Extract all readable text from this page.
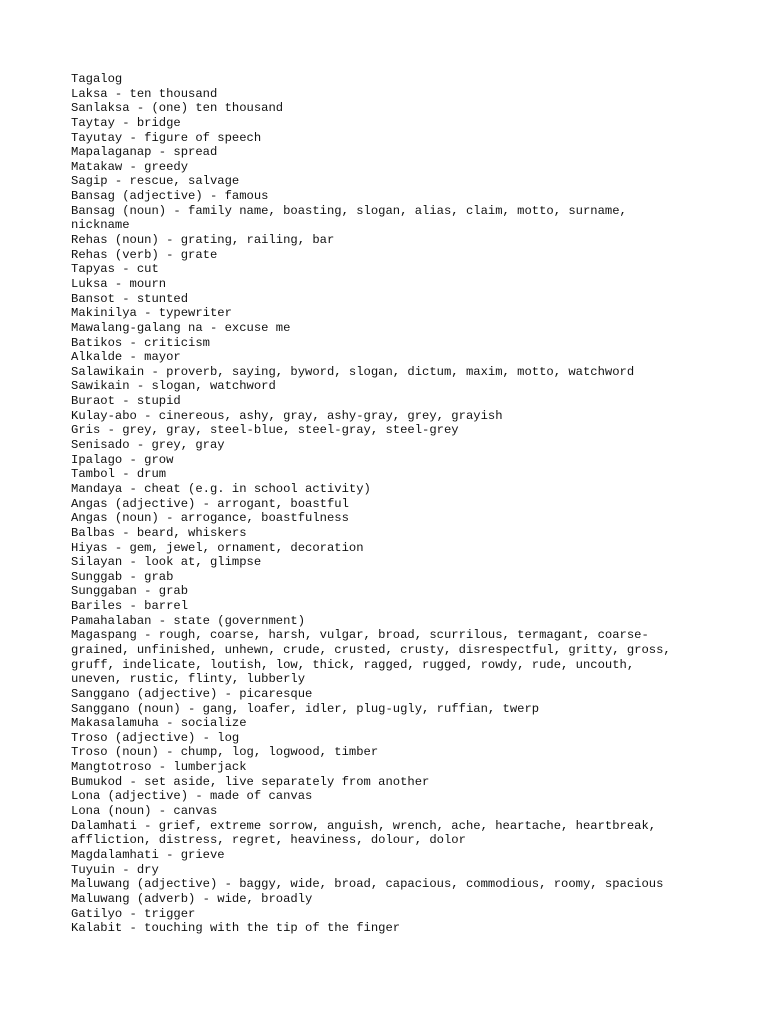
Tagalog
Laksa - ten thousand
Sanlaksa - (one) ten thousand
Taytay - bridge
Tayutay - figure of speech
Mapalaganap - spread
Matakaw - greedy
Sagip - rescue, salvage
Bansag (adjective) - famous
Bansag (noun) - family name, boasting, slogan, alias, claim, motto, surname,
nickname
Rehas (noun) - grating, railing, bar
Rehas (verb) - grate
Tapyas - cut
Luksa - mourn
Bansot - stunted
Makinilya - typewriter
Mawalang-galang na - excuse me
Batikos - criticism
Alkalde - mayor
Salawikain - proverb, saying, byword, slogan, dictum, maxim, motto, watchword
Sawikain - slogan, watchword
Buraot - stupid
Kulay-abo - cinereous, ashy, gray, ashy-gray, grey, grayish
Gris - grey, gray, steel-blue, steel-gray, steel-grey
Senisado - grey, gray
Ipalago - grow
Tambol - drum
Mandaya - cheat (e.g. in school activity)
Angas (adjective) - arrogant, boastful
Angas (noun) - arrogance, boastfulness
Balbas - beard, whiskers
Hiyas - gem, jewel, ornament, decoration
Silayan - look at, glimpse
Sunggab - grab
Sunggaban - grab
Bariles - barrel
Pamahalaban - state (government)
Magaspang - rough, coarse, harsh, vulgar, broad, scurrilous, termagant, coarse-
grained, unfinished, unhewn, crude, crusted, crusty, disrespectful, gritty, gross,
gruff, indelicate, loutish, low, thick, ragged, rugged, rowdy, rude, uncouth,
uneven, rustic, flinty, lubberly
Sanggano (adjective) - picaresque
Sanggano (noun) - gang, loafer, idler, plug-ugly, ruffian, twerp
Makasalamuha - socialize
Troso (adjective) - log
Troso (noun) - chump, log, logwood, timber
Mangtotroso - lumberjack
Bumukod - set aside, live separately from another
Lona (adjective) - made of canvas
Lona (noun) - canvas
Dalamhati - grief, extreme sorrow, anguish, wrench, ache, heartache, heartbreak,
affliction, distress, regret, heaviness, dolour, dolor
Magdalamhati - grieve
Tuyuin - dry
Maluwang (adjective) - baggy, wide, broad, capacious, commodious, roomy, spacious
Maluwang (adverb) - wide, broadly
Gatilyo - trigger
Kalabit - touching with the tip of the finger
